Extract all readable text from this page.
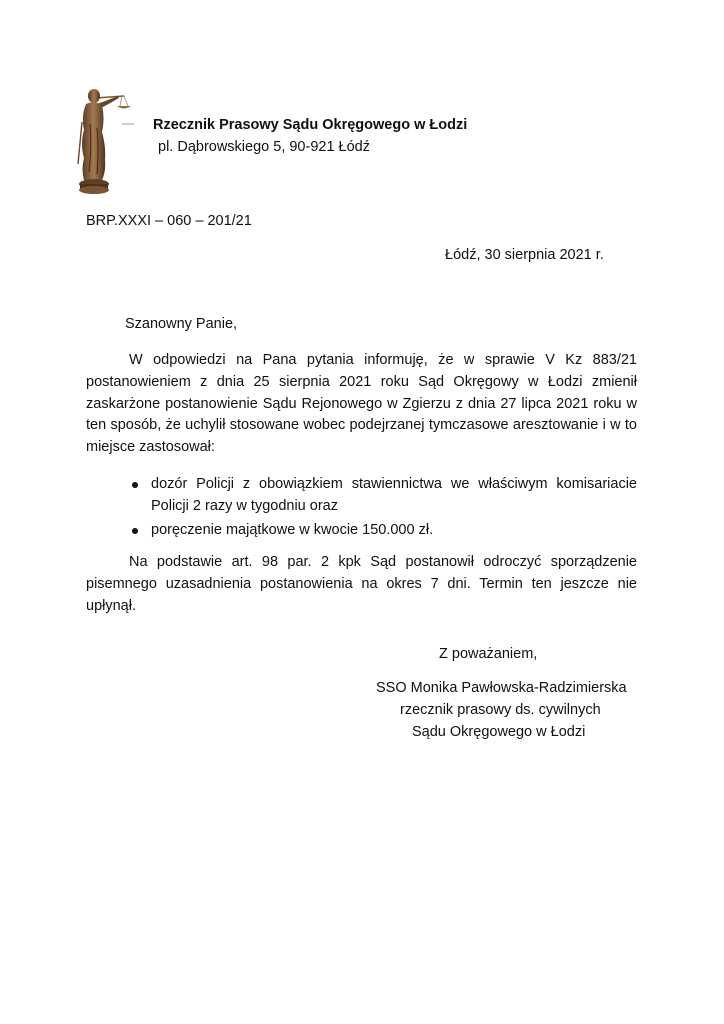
Rzecznik Prasowy Sądu Okręgowego w Łodzi
pl. Dąbrowskiego 5, 90-921 Łódź
BRP.XXXI – 060 – 201/21
Łódź, 30 sierpnia 2021 r.
Szanowny Panie,

W odpowiedzi na Pana pytania informuję, że w sprawie V Kz 883/21 postanowieniem z dnia 25 sierpnia 2021 roku Sąd Okręgowy w Łodzi zmienił zaskarżone postanowienie Sądu Rejonowego w Zgierzu z dnia 27 lipca 2021 roku w ten sposób, że uchylił stosowane wobec podejrzanej tymczasowe aresztowanie i w to miejsce zastosował:

dozór Policji z obowiązkiem stawiennictwa we właściwym komisariacie Policji 2 razy w tygodniu oraz
poręczenie majątkowe w kwocie 150.000 zł.

Na podstawie art. 98 par. 2 kpk Sąd postanowił odroczyć sporządzenie pisemnego uzasadnienia postanowienia na okres 7 dni. Termin ten jeszcze nie upłynął.

Z poważaniem,
SSO Monika Pawłowska-Radzimierska
rzecznik prasowy ds. cywilnych
Sądu Okręgowego w Łodzi
